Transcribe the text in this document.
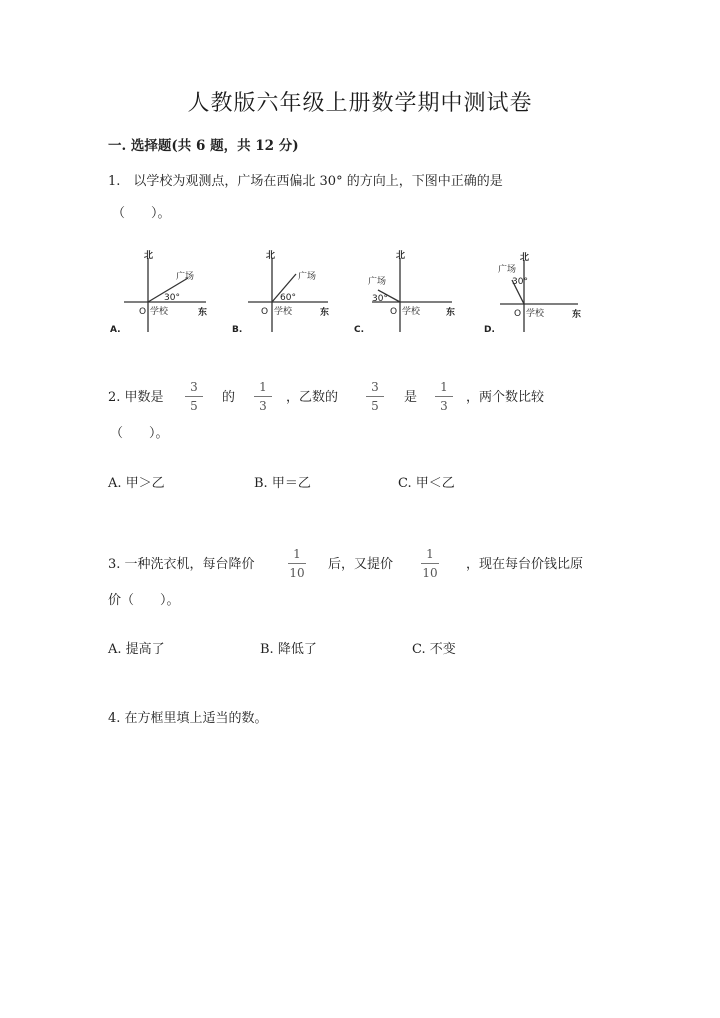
人教版六年级上册数学期中测试卷
一. 选择题(共 6 题，共 12 分)
1.　以学校为观测点，广场在西偏北 30° 的方向上，下图中正确的是
（　　）。
北
东
O 学校
广场
30°
A.
北
东
O 学校
广场
60°
B.
北
东
O 学校
广场
30°
C.
北
东
O 学校
广场
30°
D.
2. 甲数是
3
5
的
1
3
，乙数的
3
5
是
1
3
，两个数比较
（　　）。
A. 甲＞乙	B. 甲＝乙	C. 甲＜乙
3. 一种洗衣机，每台降价
1
10
后，又提价
1
10
，现在每台价钱比原
价（　　）。
A. 提高了	B. 降低了	C. 不变
4. 在方框里填上适当的数。
